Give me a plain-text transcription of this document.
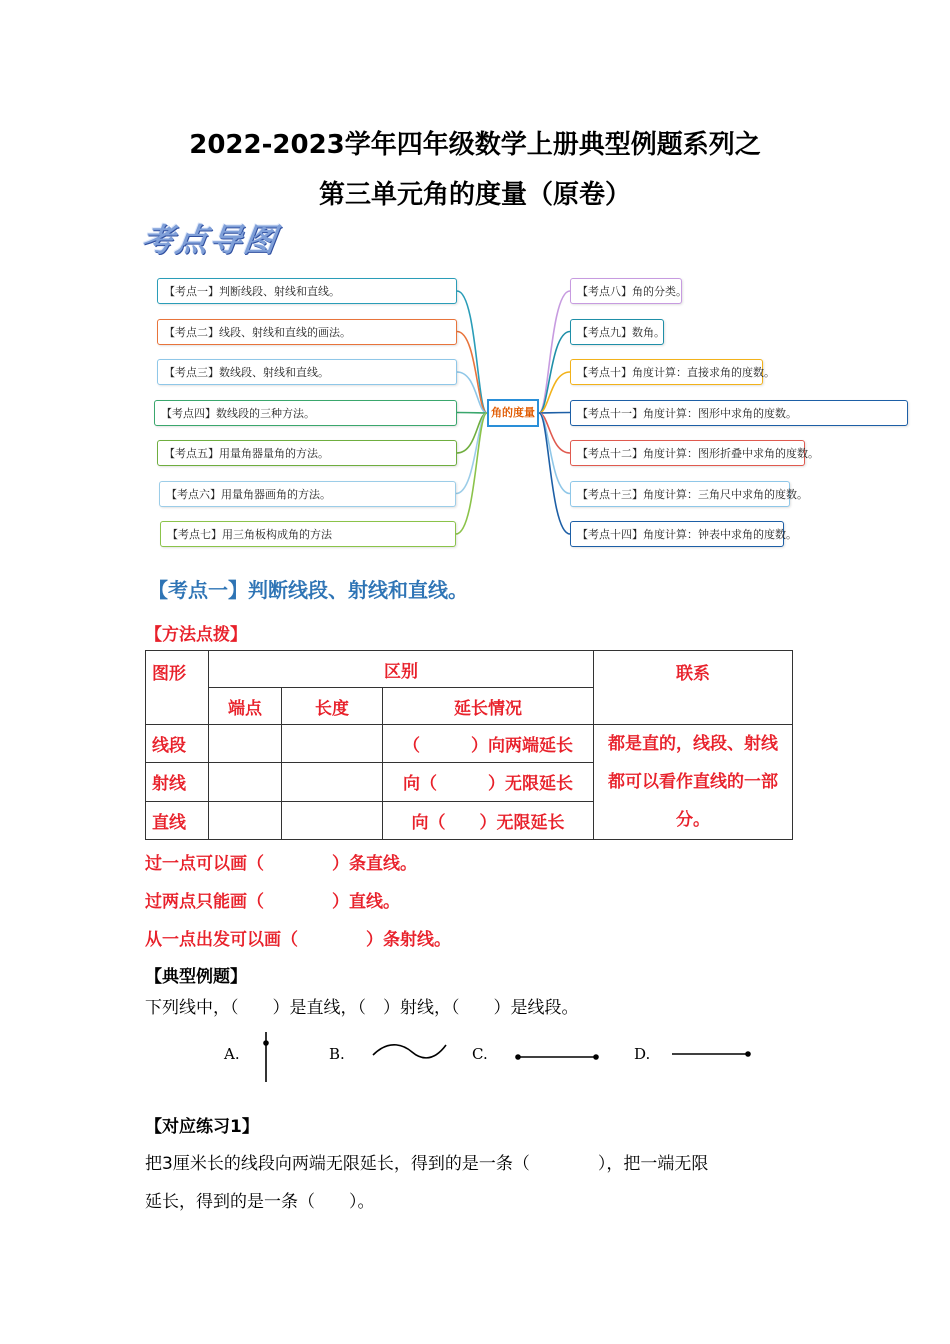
2022-2023学年四年级数学上册典型例题系列之
第三单元角的度量（原卷）
考点导图
【考点一】判断线段、射线和直线。
【考点二】线段、射线和直线的画法。
【考点三】数线段、射线和直线。
【考点四】数线段的三种方法。
【考点五】用量角器量角的方法。
【考点六】用量角器画角的方法。
【考点七】用三角板构成角的方法
【考点八】角的分类。
【考点九】数角。
【考点十】角度计算：直接求角的度数。
【考点十一】角度计算：图形中求角的度数。
【考点十二】角度计算：图形折叠中求角的度数。
【考点十三】角度计算：三角尺中求角的度数。
【考点十四】角度计算：钟表中求角的度数。
角的度量
【考点一】判断线段、射线和直线。
【方法点拨】
图形	区别			联系
	端点	长度	延长情况	
线段			（　　　）向两端延长	都是直的，线段、射线都可以看作直线的一部分。
射线			向（　　　）无限延长	
直线			向（　　）无限延长	
过一点可以画（　　　　）条直线。
过两点只能画（　　　　）直线。
从一点出发可以画（　　　　）条射线。
【典型例题】
下列线中，（　　）是直线，（　）射线，（　　）是线段。
A.	B.	C.	D.
【对应练习1】
把3厘米长的线段向两端无限延长，得到的是一条（　　　　），把一端无限
延长，得到的是一条（　　）。
